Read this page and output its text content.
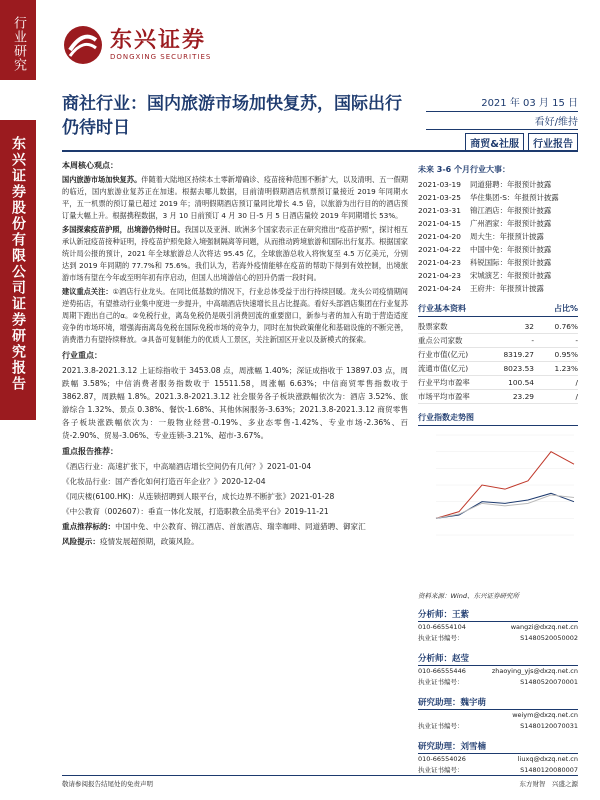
行业研究
东兴证券股份有限公司证券研究报告
东兴证券
DONGXING SECURITIES
商社行业：国内旅游市场加快复苏，国际出行仍待时日
2021 年 03 月 15 日
看好/维持
商贸&社服	行业报告
本周核心观点：

国内旅游市场加快复苏。伴随着大陆地区持续本土零新增确诊、疫苗接种范围不断扩大，以及清明、五一假期的临近，国内旅游业复苏正在加速。根据去哪儿数据，目前清明假期酒店机票预订量接近 2019 年同期水平，五一机票的预订量已超过 2019 年；清明假期酒店预订量同比增长 4.5 倍，以旅游为出行目的的酒店预订量大幅上升。根据携程数据，3 月 10 日前预订 4 月 30 日-5 月 5 日酒店量较 2019 年同期增长 53%。

多国探索疫苗护照，出境游仍待时日。我国以及亚洲、欧洲多个国家表示正在研究推出“疫苗护照”，探讨相互承认新冠疫苗接种证明，持疫苗护照免除入境强制隔离等问题，从而推动跨境旅游和国际出行复苏。根据国家统计局公报的预计，2021 年全球旅游总人次将达 95.45 亿，全球旅游总收入将恢复至 4.5 万亿美元，分别达到 2019 年同期的 77.7%和 75.6%。我们认为，若海外疫情能够在疫苗的帮助下得到有效控制，出境旅游市场有望在今年或至明年初有序启动，但国人出境游信心的回升仍需一段时间。

建议重点关注：①酒店行业龙头。在同比低基数的情况下，行业总体受益于出行持续回暖。龙头公司疫情期间逆势拓店，有望推动行业集中度进一步提升，中高端酒店快速增长且占比提高。看好头部酒店集团在行业复苏周期下跑出自己的α。②免税行业，离岛免税仍是吸引消费回流的重要窗口，新参与者的加入有助于营造适度竞争的市场环境，增强海南离岛免税在国际免税市场的竞争力，同时在加快政策催化和基础设施的不断完善，消费潜力有望持续释放。③具备可复制能力的优质人工景区，关注新国区开业以及新模式的探索。

行业重点：

2021.3.8-2021.3.12 上证综指收于 3453.08 点，周涨幅 1.40%；深证成指收于 13897.03 点，周跌幅 3.58%；中信消费者服务指数收于 15511.58，周涨幅 6.63%；中信商贸零售指数收于 3862.87，周跌幅 1.8%。2021.3.8-2021.3.12 社会服务各子板块涨跌幅依次为：酒店 3.52%、旅游综合 1.32%、景点 0.38%、餐饮-1.68%、其他休闲服务-3.63%；2021.3.8-2021.3.12 商贸零售各子板块涨跌幅依次为：一般物业经营-0.19%、多业态零售-1.42%、专业市场-2.36%、百货-2.90%、贸易-3.06%、专业连锁-3.21%、超市-3.67%。

重点报告推荐：

《酒店行业：高速扩张下，中高端酒店增长空间仍有几何？》2021-01-04

《化妆品行业：国产香化如何打造百年企业？》2020-12-04

《同庆楼(6100.HK)：从连锁招聘到人眼平台，成长边界不断扩张》2021-01-28

《中公教育（002607）：垂直一体化发展，打造职教全品类平台》2019-11-21

重点推荐标的：中国中免、中公教育、锦江酒店、首旅酒店、瑞幸咖啡、同道猎聘、御家汇

风险提示：疫情发展超预期，政策风险。

未来 3-6 个月行业大事：
2021-03-19	同道猎聘：年报预计披露
2021-03-25	华住集团-S：年报预计披露
2021-03-31	锦江酒店：年报预计披露
2021-04-15	广州酒家：年报预计披露
2021-04-20	周大生：年报预计披露
2021-04-22	中国中免：年报预计披露
2021-04-23	科锐国际：年报预计披露
2021-04-23	宋城演艺：年报预计披露
2021-04-24	王府井：年报预计披露
行业基本资料	占比%
股票家数	32	0.76%
重点公司家数	-	-
行业市值(亿元)	8319.27	0.95%
流通市值(亿元)	8023.53	1.23%
行业平均市盈率	100.54	/
市场平均市盈率	23.29	/
行业指数走势图
资料来源：Wind、东兴证券研究所
分析师：王紫
010-66554104	wangzi@dxzq.net.cn
执业证书编号：	S1480520050002
分析师：赵莹
010-66555446	zhaoying_yjs@dxzq.net.cn
执业证书编号：	S1480520070001
研究助理：魏宇萌
weiym@dxzq.net.cn
执业证书编号：	S1480120070031
研究助理：刘雪楠
010-66554026	liuxq@dxzq.net.cn
执业证书编号：	S1480120080007
敬请参阅报告结尾处的免责声明	东方财智　兴盛之源
